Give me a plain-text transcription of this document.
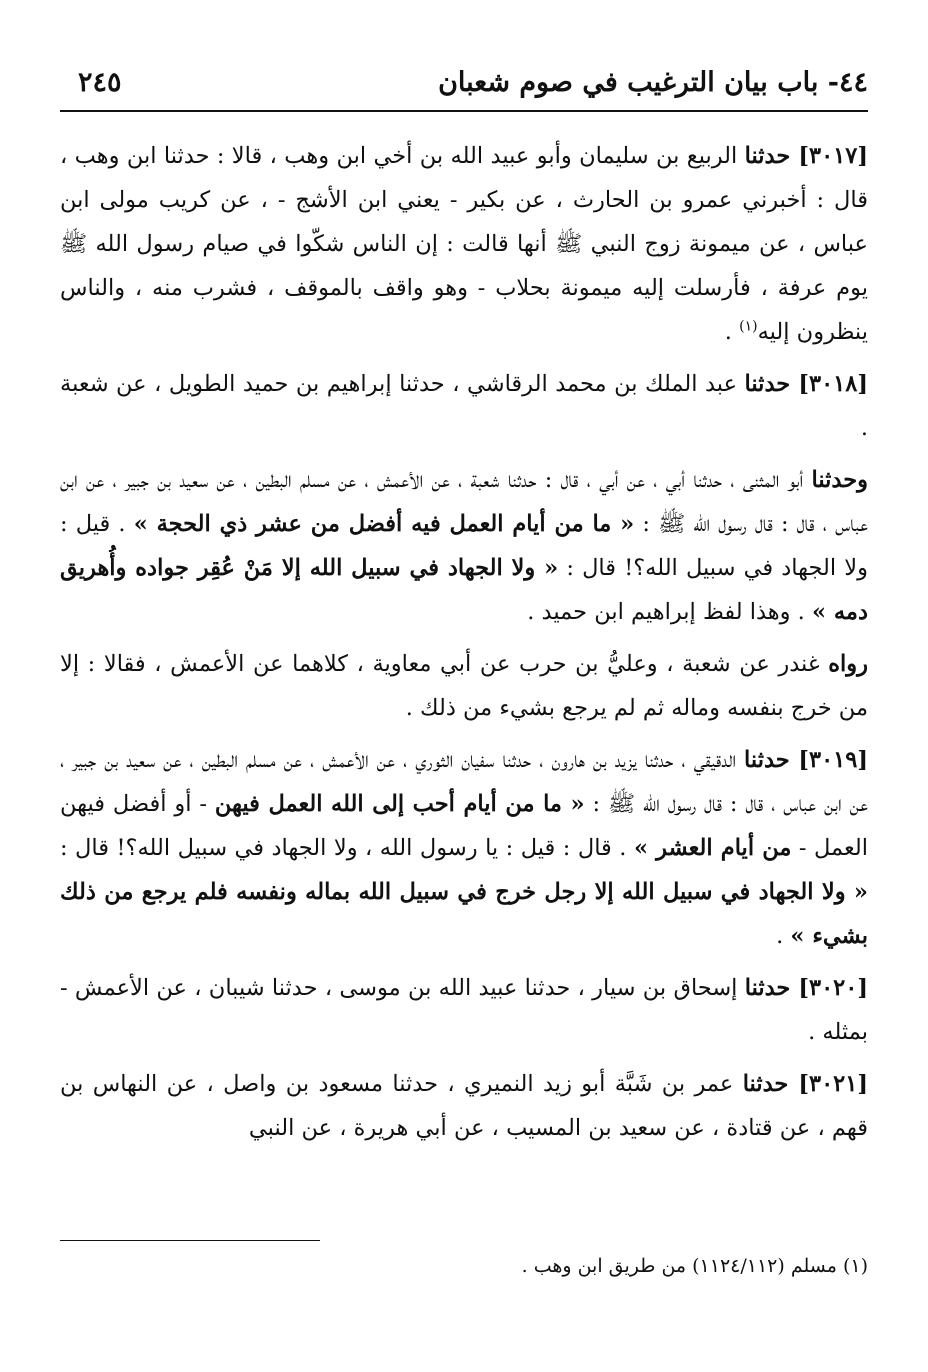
٤٤- باب بيان الترغيب في صوم شعبان
٢٤٥

[٣٠١٧] حدثنا الربيع بن سليمان وأبو عبيد الله بن أخي ابن وهب ، قالا : حدثنا ابن وهب ، قال : أخبرني عمرو بن الحارث ، عن بكير - يعني ابن الأشج - ، عن كريب مولى ابن عباس ، عن ميمونة زوج النبي ﷺ أنها قالت : إن الناس شكّوا في صيام رسول الله ﷺ يوم عرفة ، فأرسلت إليه ميمونة بحلاب - وهو واقف بالموقف ، فشرب منه ، والناس ينظرون إليه$^{(١)}$ .

[٣٠١٨] حدثنا عبد الملك بن محمد الرقاشي ، حدثنا إبراهيم بن حميد الطويل ، عن شعبة .

وحدثنا أبو المثنى ، حدثنا أبي ، عن أبي ، قال : حدثنا شعبة ، عن الأعمش ، عن مسلم البطين ، عن سعيد بن جبير ، عن ابن عباس ، قال : قال رسول الله ﷺ : « ما من أيام العمل فيه أفضل من عشر ذي الحجة » . قيل : ولا الجهاد في سبيل الله؟! قال : « ولا الجهاد في سبيل الله إلا مَنْ عُقِر جواده وأُهريق دمه » . وهذا لفظ إبراهيم ابن حميد .

رواه غندر عن شعبة ، وعليُّ بن حرب عن أبي معاوية ، كلاهما عن الأعمش ، فقالا : إلا من خرج بنفسه وماله ثم لم يرجع بشيء من ذلك .

[٣٠١٩] حدثنا الدقيقي ، حدثنا يزيد بن هارون ، حدثنا سفيان الثوري ، عن الأعمش ، عن مسلم البطين ، عن سعيد بن جبير ، عن ابن عباس ، قال : قال رسول الله ﷺ : « ما من أيام أحب إلى الله العمل فيهن - أو أفضل فيهن العمل - من أيام العشر » . قال : قيل : يا رسول الله ، ولا الجهاد في سبيل الله؟! قال : « ولا الجهاد في سبيل الله إلا رجل خرج في سبيل الله بماله ونفسه فلم يرجع من ذلك بشيء » .

[٣٠٢٠] حدثنا إسحاق بن سيار ، حدثنا عبيد الله بن موسى ، حدثنا شيبان ، عن الأعمش - بمثله .

[٣٠٢١] حدثنا عمر بن شَبَّة أبو زيد النميري ، حدثنا مسعود بن واصل ، عن النهاس بن قهم ، عن قتادة ، عن سعيد بن المسيب ، عن أبي هريرة ، عن النبي

(١) مسلم (١١٢٤/١١٢) من طريق ابن وهب .
